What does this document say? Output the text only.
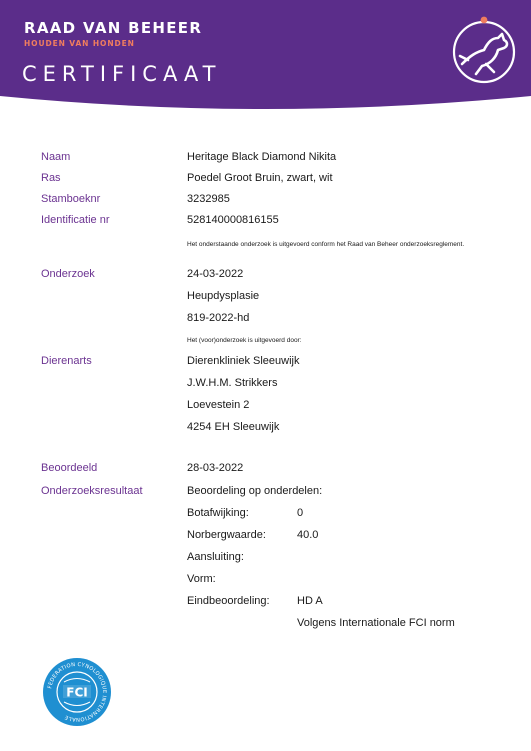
RAAD VAN BEHEER
HOUDEN VAN HONDEN
CERTIFICAAT
Naam	Heritage Black Diamond Nikita
Ras	Poedel Groot Bruin, zwart, wit
Stamboeknr	3232985
Identificatie nr	528140000816155
Het onderstaande onderzoek is uitgevoerd conform het Raad van Beheer onderzoeksreglement.
Onderzoek	24-03-2022
Heupdysplasie
819-2022-hd
Het (voor)onderzoek is uitgevoerd door:
Dierenarts	Dierenkliniek Sleeuwijk
J.W.H.M. Strikkers
Loevestein 2
4254 EH Sleeuwijk
Beoordeeld	28-03-2022
Onderzoeksresultaat	Beoordeling op onderdelen:
Botafwijking:	0
Norbergwaarde:	40.0
Aansluiting:
Vorm:
Eindbeoordeling: HD A
Volgens Internationale FCI norm
FEDERATION CYNOLOGIQUE INTERNATIONALE
FCI
